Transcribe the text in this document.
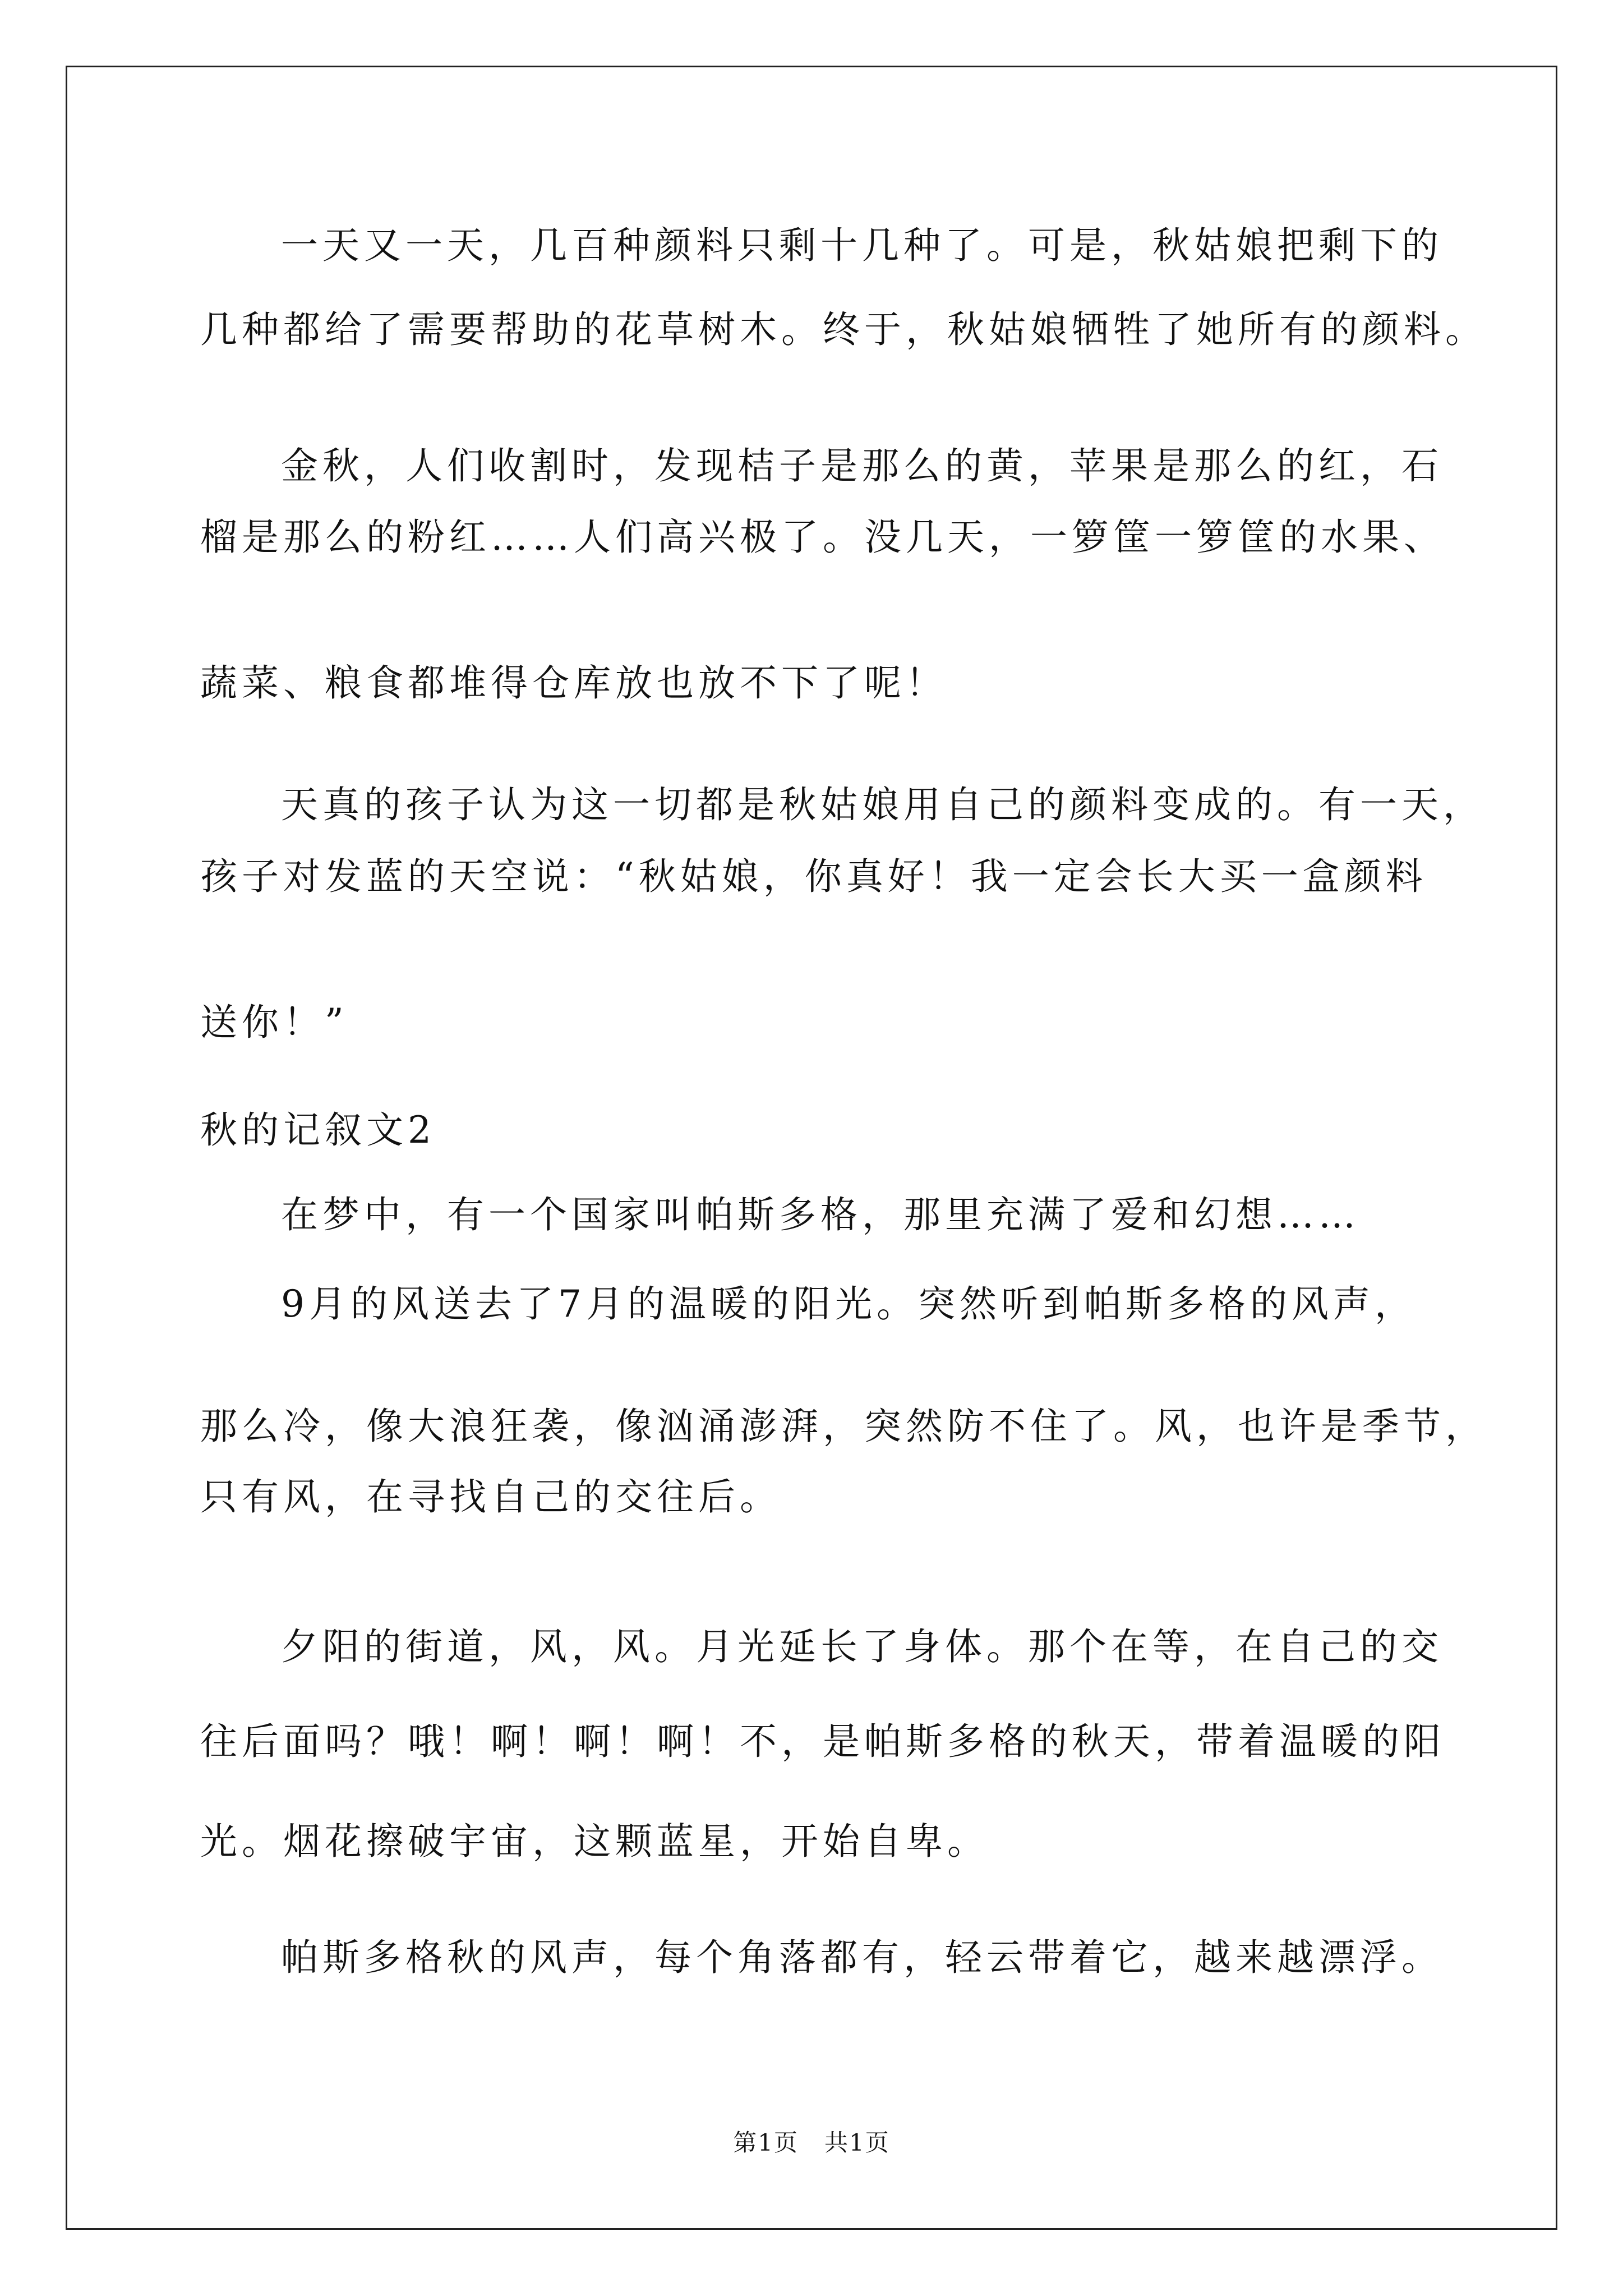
一天又一天，几百种颜料只剩十几种了。可是，秋姑娘把剩下的
几种都给了需要帮助的花草树木。终于，秋姑娘牺牲了她所有的颜料。
金秋，人们收割时，发现桔子是那么的黄，苹果是那么的红，石
榴是那么的粉红……人们高兴极了。没几天，一箩筐一箩筐的水果、
蔬菜、粮食都堆得仓库放也放不下了呢！
天真的孩子认为这一切都是秋姑娘用自己的颜料变成的。有一天，
孩子对发蓝的天空说：“秋姑娘，你真好！我一定会长大买一盒颜料
送你！”
秋的记叙文2
在梦中，有一个国家叫帕斯多格，那里充满了爱和幻想……
9月的风送去了7月的温暖的阳光。突然听到帕斯多格的风声，
那么冷，像大浪狂袭，像汹涌澎湃，突然防不住了。风，也许是季节，
只有风，在寻找自己的交往后。
夕阳的街道，风，风。月光延长了身体。那个在等，在自己的交
往后面吗？哦！啊！啊！啊！不，是帕斯多格的秋天，带着温暖的阳
光。烟花擦破宇宙，这颗蓝星，开始自卑。
帕斯多格秋的风声，每个角落都有，轻云带着它，越来越漂浮。
第1页   共1页
